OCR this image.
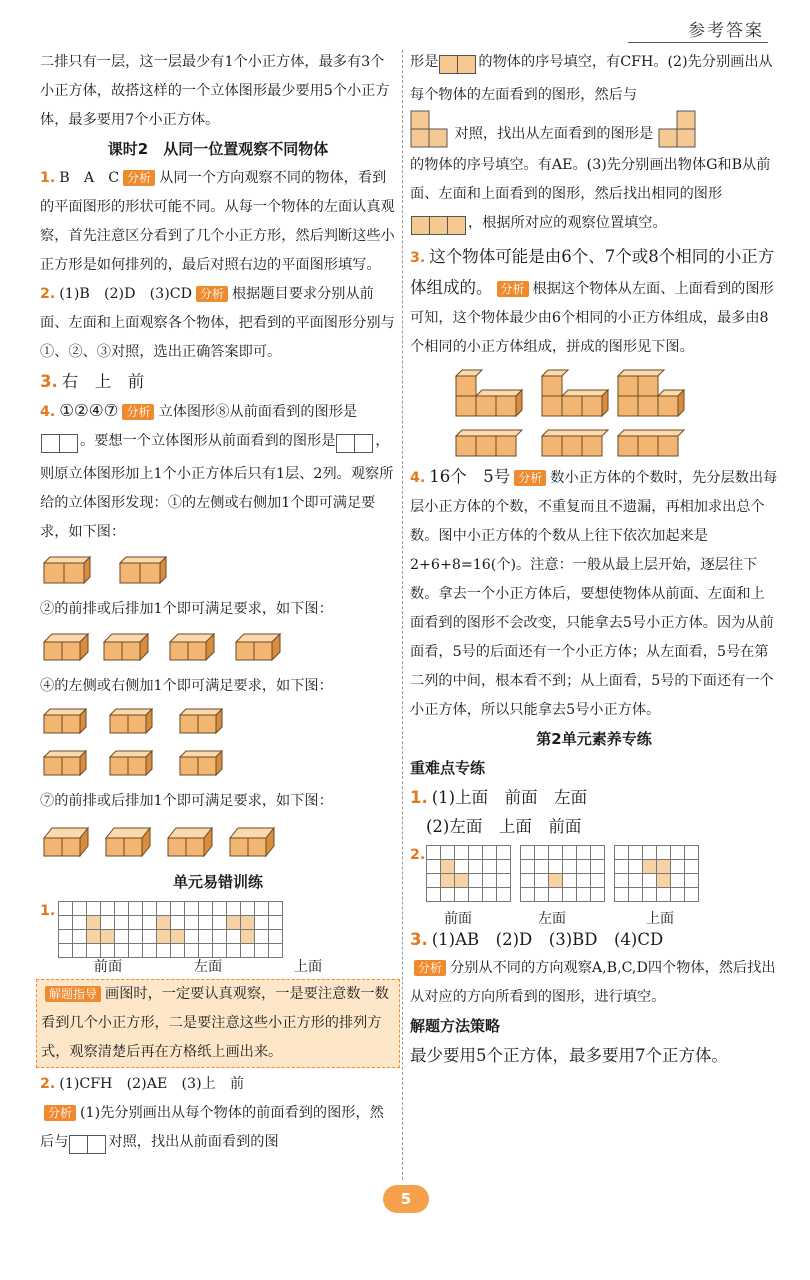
参考答案

二排只有一层，这一层最少有1个小正方体，最多有3个小正方体，故搭这样的一个立体图形最少要用5个小正方体，最多要用7个小正方体。

课时2　从同一位置观察不同物体

1. B　A　C 分析 从同一个方向观察不同的物体，看到的平面图形的形状可能不同。从每一个物体的左面认真观察，首先注意区分看到了几个小正方形，然后判断这些小正方形是如何排列的，最后对照右边的平面图形填写。

2. (1)B　(2)D　(3)CD 分析 根据题目要求分别从前面、左面和上面观察各个物体，把看到的平面图形分别与①、②、③对照，选出正确答案即可。

3. 右　上　前

4. ①②④⑦ 分析 立体图形⑧从前面看到的图形是。要想一个立体图形从前面看到的图形是	，则原立体图形加上1个小正方体后只有1层、2列。观察所给的立体图形发现：①的左侧或右侧加1个即可满足要求，如下图：

②的前排或后排加1个即可满足要求，如下图：

④的左侧或右侧加1个即可满足要求，如下图：

⑦的前排或后排加1个即可满足要求，如下图：

单元易错训练

1.

前面	左面	上面

解题指导 画图时，一定要认真观察，一是要注意数一数看到几个小正方形，二是要注意这些小正方形的排列方式，观察清楚后再在方格纸上画出来。

2. (1)CFH　(2)AE　(3)上　前

分析 (1)先分别画出从每个物体的前面看到的图形，然后与	对照，找出从前面看到的图

形是	的物体的序号填空，有CFH。(2)先分别画出从每个物体的左面看到的图形，然后与

对照，找出从左面看到的图形是

的物体的序号填空。有AE。(3)先分别画出物体G和B从前面、左面和上面看到的图形，然后找出相同的图形，根据所对应的观察位置填空。

3. 这个物体可能是由6个、7个或8个相同的小正方体组成的。 分析 根据这个物体从左面、上面看到的图形可知，这个物体最少由6个相同的小正方体组成，最多由8个相同的小正方体组成，拼成的图形见下图。

4. 16个　5号 分析 数小正方体的个数时，先分层数出每层小正方体的个数，不重复而且不遗漏，再相加求出总个数。图中小正方体的个数从上往下依次加起来是2+6+8=16(个)。注意：一般从最上层开始，逐层往下数。拿去一个小正方体后，要想使物体从前面、左面和上面看到的图形不会改变，只能拿去5号小正方体。因为从前面看，5号的后面还有一个小正方体；从左面看，5号在第二列的中间，根本看不到；从上面看，5号的下面还有一个小正方体，所以只能拿去5号小正方体。

第2单元素养专练

重难点专练

1. (1)上面　前面　左面

(2)左面　上面　前面

2.

前面	左面	上面

3. (1)AB　(2)D　(3)BD　(4)CD

分析 分别从不同的方向观察A,B,C,D四个物体，然后找出从对应的方向所看到的图形，进行填空。

解题方法策略

最少要用5个正方体，最多要用7个正方体。

5
